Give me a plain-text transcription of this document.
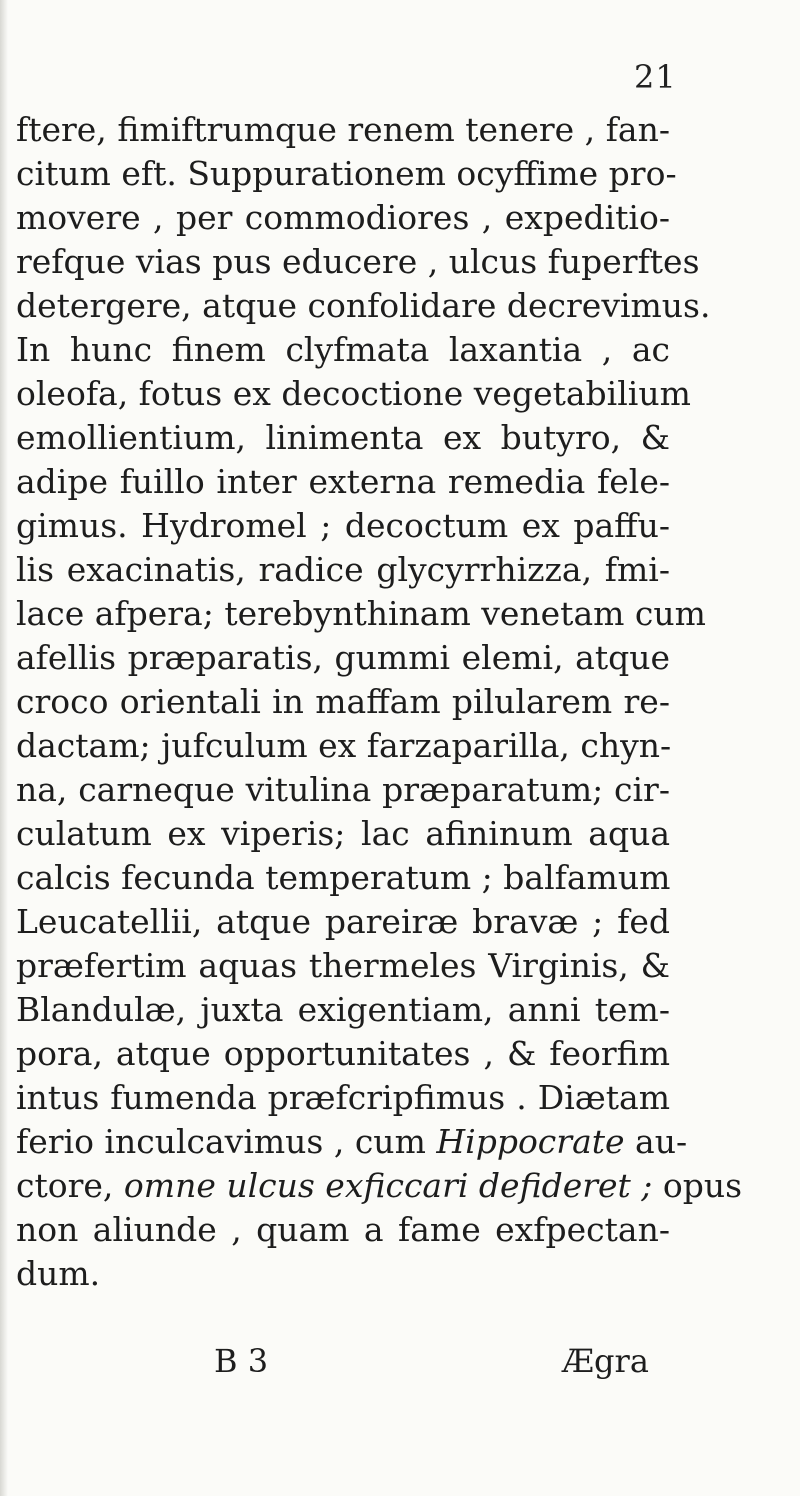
21
ftere, fimiftrumque renem tenere , fan-
citum eft. Suppurationem ocyffime pro-
movere , per commodiores , expeditio-
refque vias pus educere , ulcus fuperftes
detergere, atque confolidare decrevimus.
In hunc finem clyfmata laxantia , ac
oleofa, fotus ex decoctione vegetabilium
emollientium, linimenta ex butyro, &
adipe fuillo inter externa remedia fele-
gimus. Hydromel ; decoctum ex paffu-
lis exacinatis, radice glycyrrhizza, fmi-
lace afpera; terebynthinam venetam cum
afellis præparatis, gummi elemi, atque
croco orientali in maffam pilularem re-
dactam; jufculum ex farzaparilla, chyn-
na, carneque vitulina præparatum; cir-
culatum ex viperis; lac afininum aqua
calcis fecunda temperatum ; balfamum
Leucatellii, atque pareiræ bravæ ; fed
præfertim aquas thermeles Virginis, &
Blandulæ, juxta exigentiam, anni tem-
pora, atque opportunitates , & feorfim
intus fumenda præfcripfimus . Diætam
ferio inculcavimus , cum Hippocrate au-
ctore, omne ulcus exficcari defideret ; opus
non aliunde , quam a fame exfpectan-
dum.
B 3	Ægra
